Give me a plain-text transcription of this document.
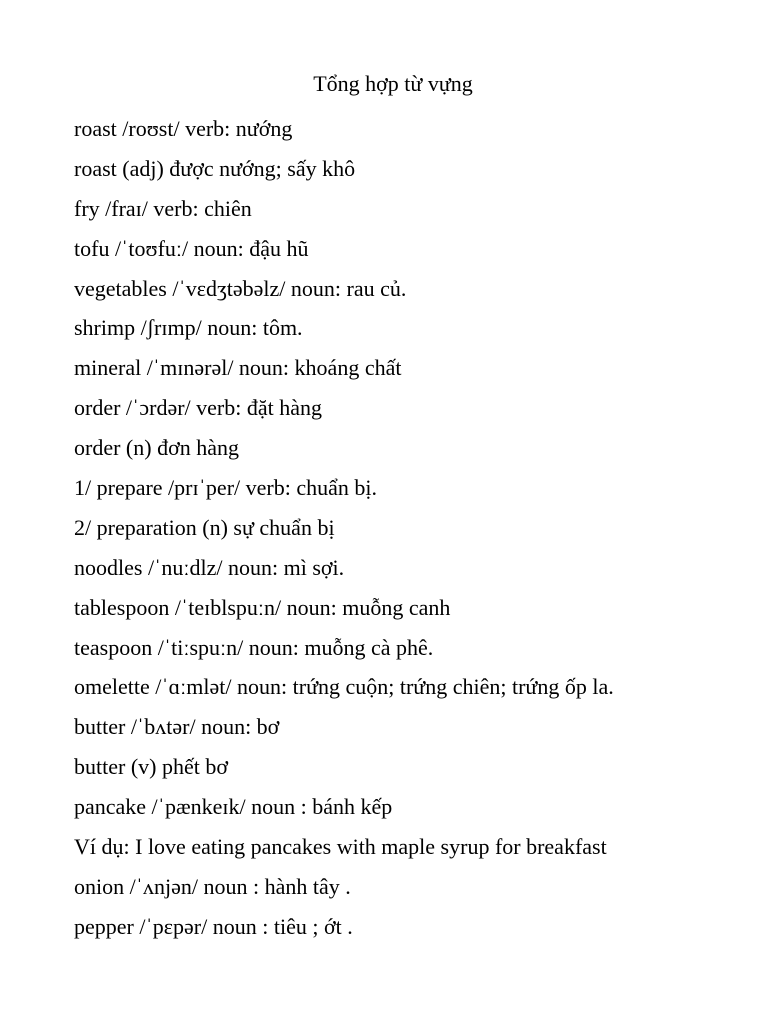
Tổng hợp từ vựng
roast /roʊst/ verb: nướng
roast (adj) được nướng; sấy khô
fry /fraɪ/ verb: chiên
tofu /ˈtoʊfuː/ noun: đậu hũ
vegetables /ˈvɛdʒtəbəlz/ noun: rau củ.
shrimp /ʃrɪmp/ noun: tôm.
mineral /ˈmɪnərəl/ noun: khoáng chất
order /ˈɔrdər/ verb: đặt hàng
order (n) đơn hàng
1/ prepare /prɪˈper/ verb: chuẩn bị.
2/ preparation (n) sự chuẩn bị
noodles /ˈnuːdlz/ noun: mì sợi.
tablespoon /ˈteɪblspuːn/ noun: muỗng canh
teaspoon /ˈtiːspuːn/ noun: muỗng cà phê.
omelette /ˈɑːmlət/ noun: trứng cuộn; trứng chiên; trứng ốp la.
butter /ˈbʌtər/ noun: bơ
butter (v) phết bơ
pancake /ˈpænkeɪk/ noun : bánh kếp
Ví dụ: I love eating pancakes with maple syrup for breakfast
onion /ˈʌnjən/ noun : hành tây .
pepper /ˈpɛpər/ noun : tiêu ; ớt .
